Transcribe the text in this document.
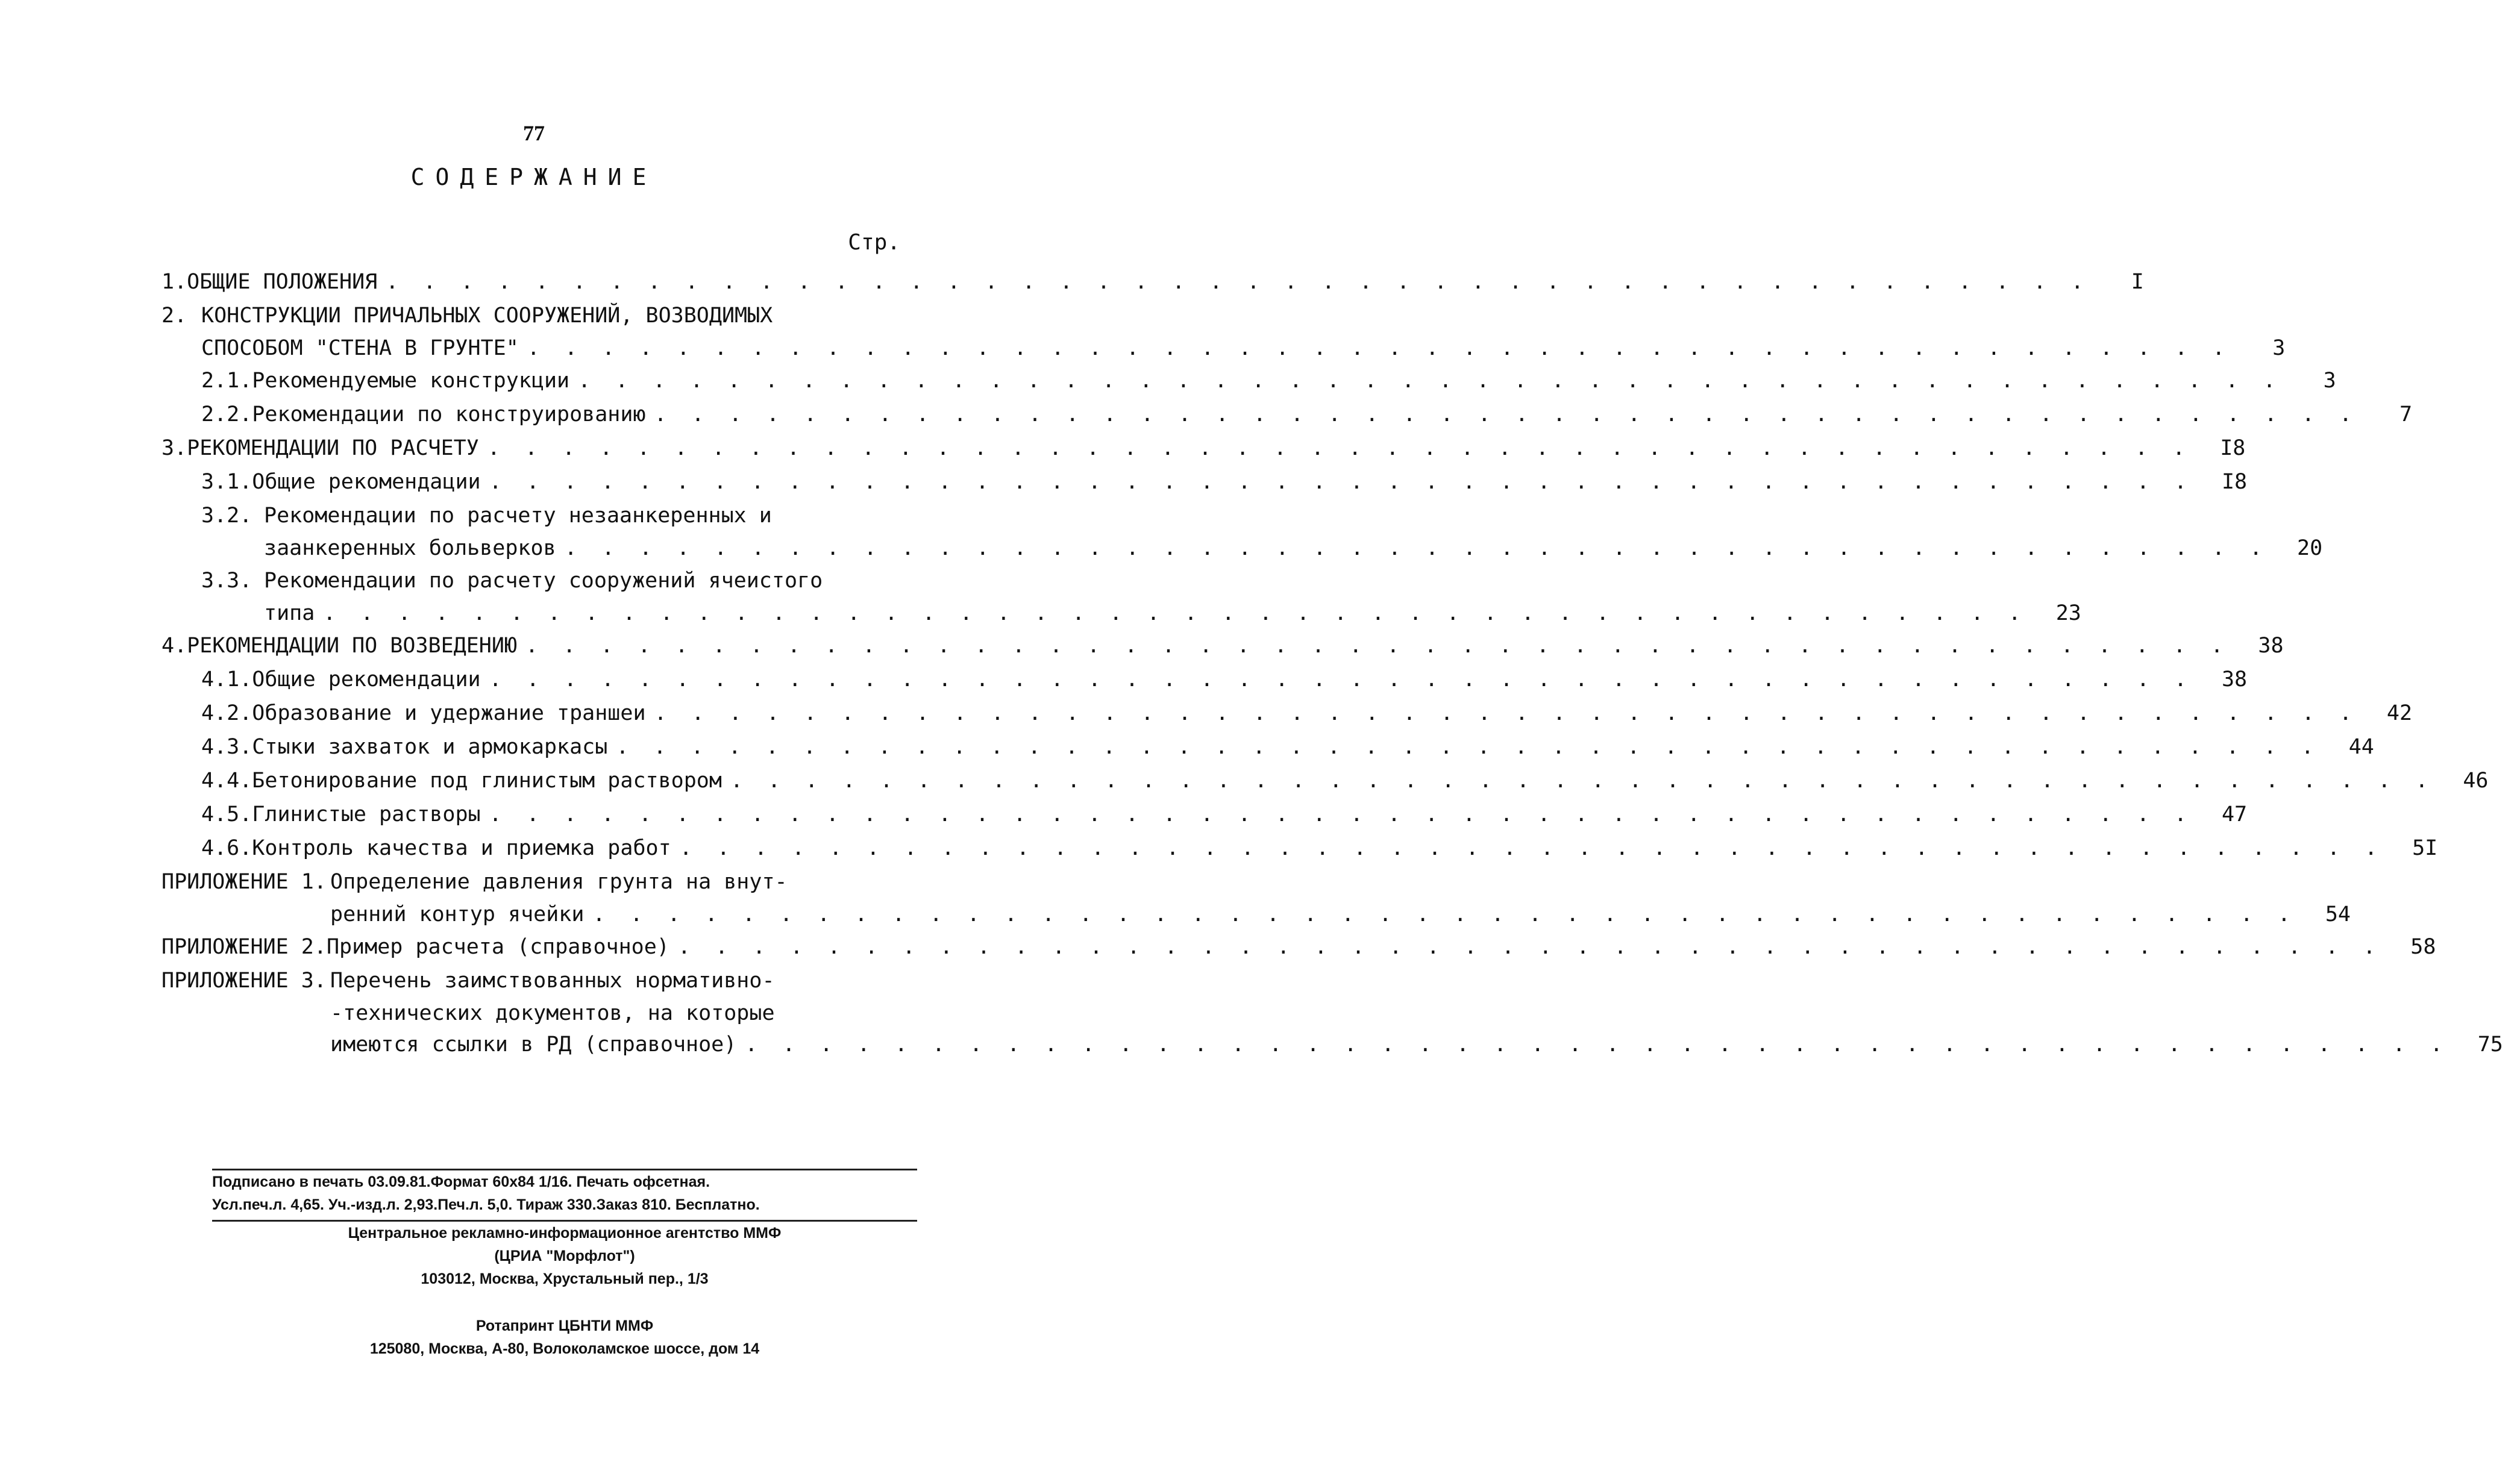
77
СОДЕРЖАНИЕ
Стр.
1. ОБЩИЕ ПОЛОЖЕНИЯ . . .	I
2. КОНСТРУКЦИИ ПРИЧАЛЬНЫХ СООРУЖЕНИЙ, ВОЗВОДИМЫХ
СПОСОБОМ "СТЕНА В ГРУНТЕ" . . .	3
2.1. Рекомендуемые конструкции . . .	3
2.2. Рекомендации по конструированию . . .	7
3. РЕКОМЕНДАЦИИ ПО РАСЧЕТУ . . .	I8
3.1. Общие рекомендации . . .	I8
3.2. Рекомендации по расчету незаанкеренных и
заанкеренных больверков . . .	20
3.3. Рекомендации по расчету сооружений ячеистого
типа . . .	23
4. РЕКОМЕНДАЦИИ ПО ВОЗВЕДЕНИЮ . . .	38
4.1. Общие рекомендации . . .	38
4.2. Образование и удержание траншеи . . .	42
4.3. Стыки захваток и армокаркасы . . .	44
4.4. Бетонирование под глинистым раствором . . .	46
4.5. Глинистые растворы . . .	47
4.6. Контроль качества и приемка работ . . .	5I
ПРИЛОЖЕНИЕ 1. Определение давления грунта на внут-
ренний контур ячейки . . .	54
ПРИЛОЖЕНИЕ 2. Пример расчета (справочное) . . .	58
ПРИЛОЖЕНИЕ 3. Перечень заимствованных нормативно-
-технических документов, на которые
имеются ссылки в РД (справочное) . . .	75
Подписано в печать 03.09.81.Формат 60х84 1/16. Печать офсетная.
Усл.печ.л. 4,65. Уч.-изд.л. 2,93.Печ.л. 5,0. Тираж 330.Заказ 810. Бесплатно.
Центральное рекламно-информационное агентство ММФ
(ЦРИА "Морфлот")
103012, Москва, Хрустальный пер., 1/3
Ротапринт ЦБНТИ ММФ
125080, Москва, А-80, Волоколамское шоссе, дом 14
